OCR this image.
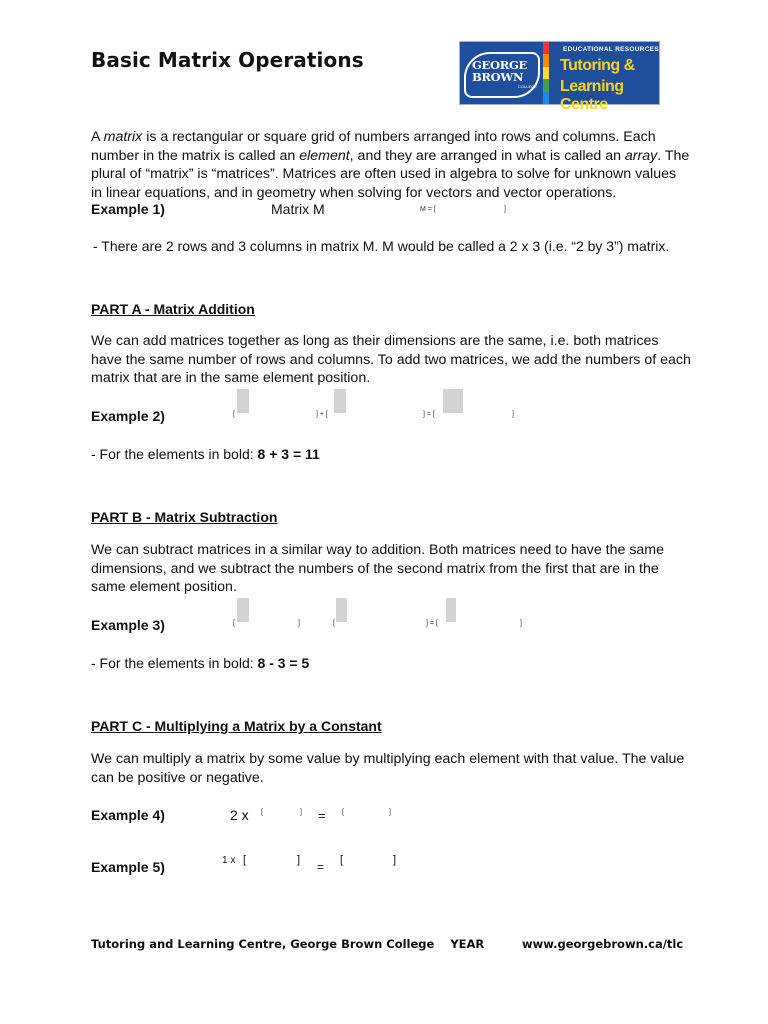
Basic Matrix Operations	GEORGE
BROWN
COLLEGE
EDUCATIONAL RESOURCES
Tutoring &
Learning Centre
A matrix is a rectangular or square grid of numbers arranged into rows and columns. Each number in the matrix is called an element, and they are arranged in what is called an array. The plural of “matrix” is “matrices”. Matrices are often used in algebra to solve for unknown values in linear equations, and in geometry when solving for vectors and vector operations.
Example 1)	Matrix M	M = [	]
- There are 2 rows and 3 columns in matrix M. M would be called a 2 x 3 (i.e. “2 by 3”) matrix.
PART A - Matrix Addition
We can add matrices together as long as their dimensions are the same, i.e. both matrices have the same number of rows and columns. To add two matrices, we add the numbers of each matrix that are in the same element position.
Example 2)	[	] + [	] = [	]
- For the elements in bold: 8 + 3 = 11
PART B - Matrix Subtraction
We can subtract matrices in a similar way to addition. Both matrices need to have the same dimensions, and we subtract the numbers of the second matrix from the first that are in the same element position.
Example 3)	[	]	[	] = [	]
- For the elements in bold: 8 - 3 = 5
PART C - Multiplying a Matrix by a Constant
We can multiply a matrix by some value by multiplying each element with that value. The value can be positive or negative.
Example 4)	2 x [	] = [	]
Example 5)	1 x [	] = [	]
Tutoring and Learning Centre, George Brown College    YEAR	www.georgebrown.ca/tlc
